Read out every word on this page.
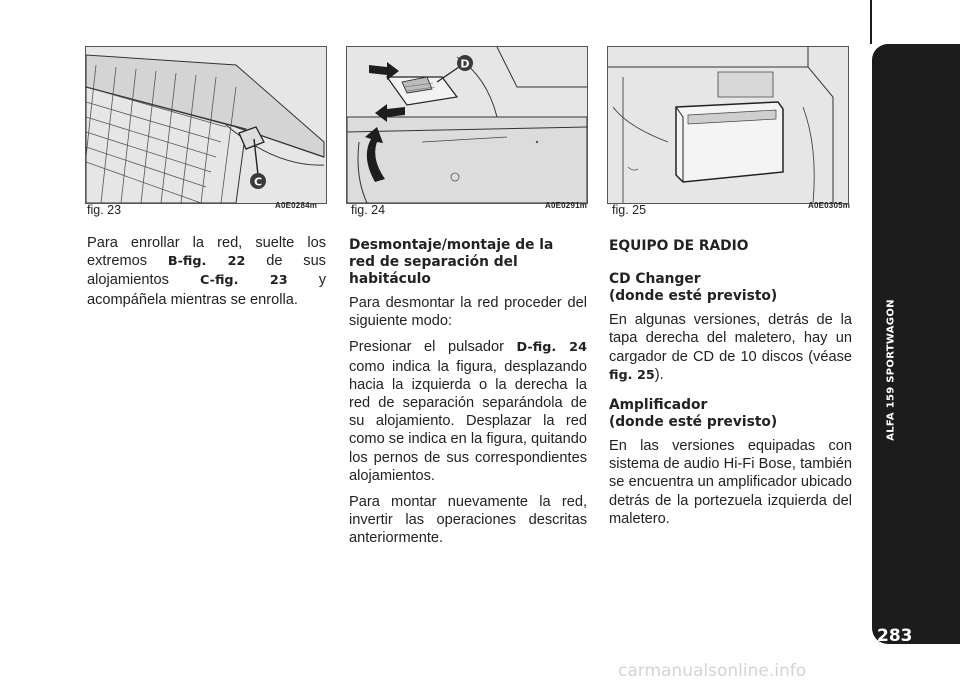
ALFA 159 SPORTWAGON
283
C
fig. 23	A0E0284m
D
fig. 24	A0E0291m fig. 25	A0E0305m

Para enrollar la red, suelte los extremos B-fig. 22 de sus alojamientos C-fig. 23 y acompáñela mientras se enrolla.

Desmontaje/montaje de la red de separación del habitáculo

Para desmontar la red proceder del siguiente modo:

Presionar el pulsador D-fig. 24 como indica la figura, desplazando hacia la izquierda o la derecha la red de separación separándola de su alojamiento. Desplazar la red como se indica en la figura, quitando los pernos de sus correspondientes alojamientos.

Para montar nuevamente la red, invertir las operaciones descritas anteriormente.

EQUIPO DE RADIO
CD Changer
(donde esté previsto)

En algunas versiones, detrás de la tapa derecha del maletero, hay un cargador de CD de 10 discos (véase fig. 25).

Amplificador
(donde esté previsto)

En las versiones equipadas con sistema de audio Hi-Fi Bose, también se encuentra un amplificador ubicado detrás de la portezuela izquierda del maletero.

carmanualsonline.info
